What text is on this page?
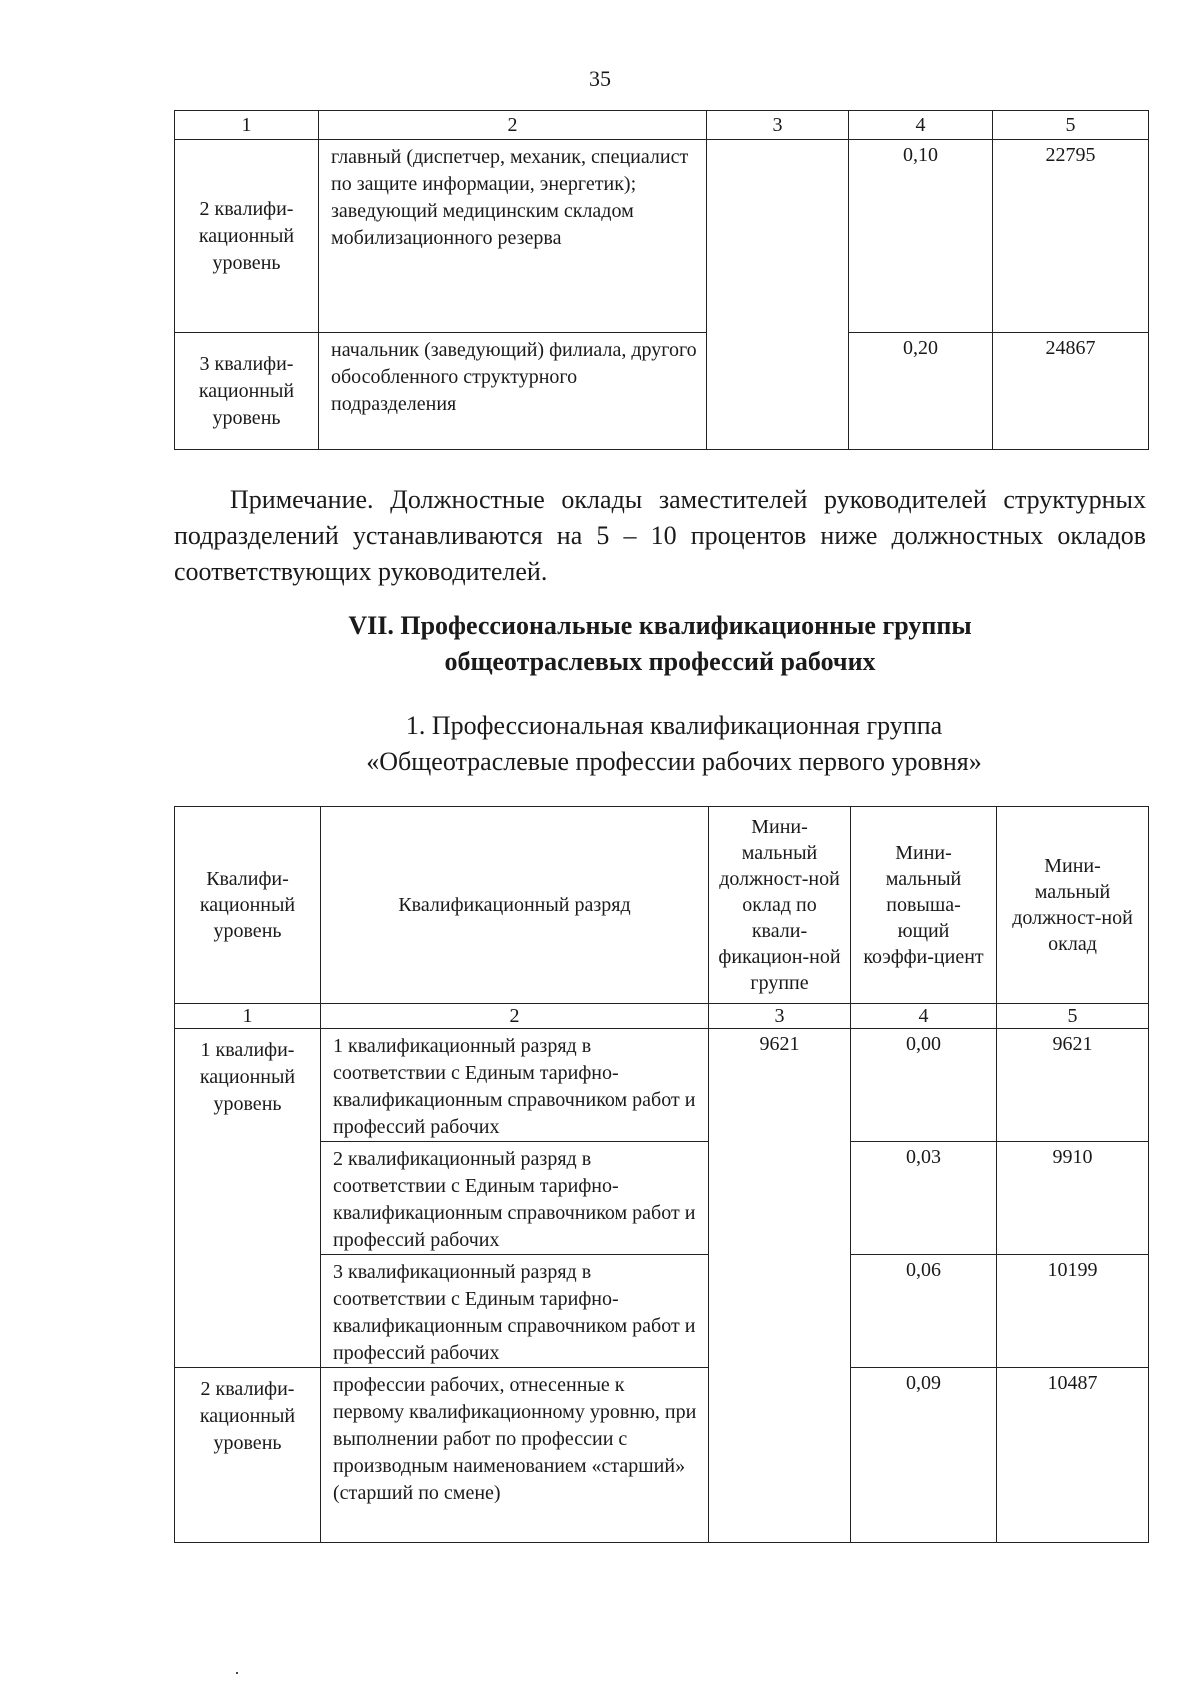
35
1	2	3	4	5
2 квалифи-кационный уровень	главный (диспетчер, механик, специалист по защите информации, энергетик); заведующий медицинским складом мобилизационного резерва		0,10	22795
3 квалифи-кационный уровень	начальник (заведующий) филиала, другого обособленного структурного подразделения		0,20	24867

Примечание. Должностные оклады заместителей руководителей структурных подразделений устанавливаются на 5 – 10 процентов ниже должностных окладов соответствующих руководителей.

VII. Профессиональные квалификационные группы
общеотраслевых профессий рабочих
1. Профессиональная квалификационная группа
«Общеотраслевые профессии рабочих первого уровня»
Квалифи-кационный уровень	Квалификационный разряд	Мини-мальный должност-ной оклад по квали-фикацион-ной группе	Мини-мальный повыша-ющий коэффи-циент	Мини-мальный должност-ной оклад
1	2	3	4	5
1 квалифи-кационный уровень	1 квалификационный разряд в соответствии с Единым тарифно-квалификационным справочником работ и профессий рабочих	9621	0,00	9621
	2 квалификационный разряд в соответствии с Единым тарифно-квалификационным справочником работ и профессий рабочих		0,03	9910
	3 квалификационный разряд в соответствии с Единым тарифно-квалификационным справочником работ и профессий рабочих		0,06	10199
2 квалифи-кационный уровень	профессии рабочих, отнесенные к первому квалификационному уровню, при выполнении работ по профессии с производным наименованием «старший» (старший по смене)		0,09	10487
